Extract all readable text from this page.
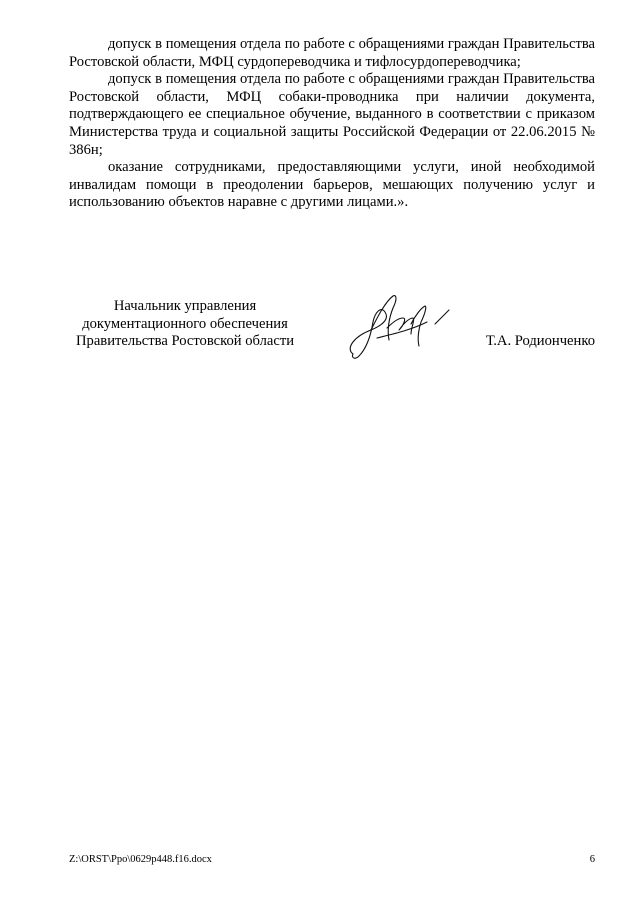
допуск в помещения отдела по работе с обращениями граждан Правительства Ростовской области, МФЦ сурдопереводчика и тифлосурдопереводчика;

допуск в помещения отдела по работе с обращениями граждан Правительства Ростовской области, МФЦ собаки-проводника при наличии документа, подтверждающего ее специальное обучение, выданного в соответствии с приказом Министерства труда и социальной защиты Российской Федерации от 22.06.2015 № 386н;

оказание сотрудниками, предоставляющими услуги, иной необходимой инвалидам помощи в преодолении барьеров, мешающих получению услуг и использованию объектов наравне с другими лицами.».

Начальник управления
документационного обеспечения
Правительства Ростовской области	Т.А. Родионченко
Z:\ORST\Ppo\0629p448.f16.docx	6
